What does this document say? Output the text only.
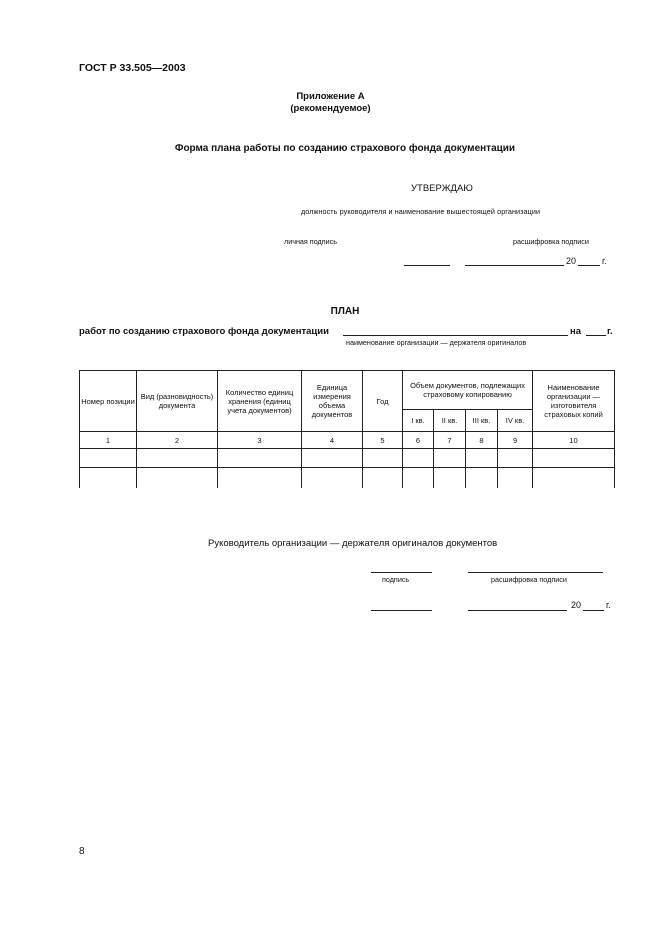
ГОСТ Р 33.505—2003
Приложение А
(рекомендуемое)
Форма плана работы по созданию страхового фонда документации
УТВЕРЖДАЮ
должность руководителя и наименование вышестоящей организации
личная подпись	расшифровка подписи
20	г.
ПЛАН
работ по созданию страхового фонда документации	на	г.
наименование организации — держателя оригиналов
Номер позиции	Вид (разновидность) документа	Количество единиц хранения (единиц учета документов)	Единица измерения объема документов	Год	Объем документов, подлежащих страховому копированию				Наименование организации — изготовителя страховых копий
					I кв.	II кв.	III кв.	IV кв.	
1	2	3	4	5	6	7	8	9	10

Руководитель организации — держателя оригиналов документов
подпись	расшифровка подписи
20	г.
8
